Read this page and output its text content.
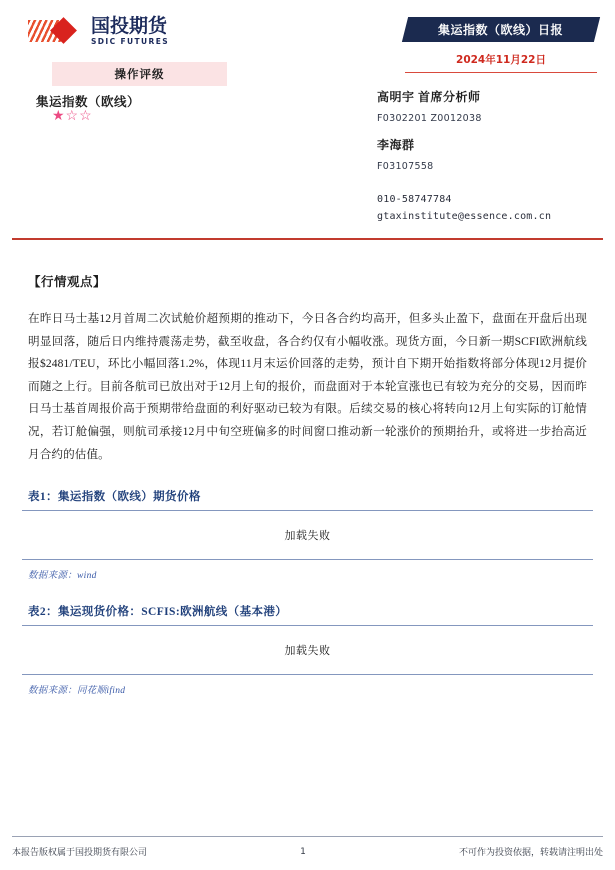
国投期货
SDIC FUTURES
操作评级
集运指数（欧线）
★☆☆
集运指数（欧线）日报
2024年11月22日
高明宇 首席分析师
F0302201 Z0012038
李海群
F03107558
010-58747784
gtaxinstitute@essence.com.cn
【行情观点】
在昨日马士基12月首周二次试舱价超预期的推动下，今日各合约均高开，但多头止盈下，盘面在开盘后出现明显回落，随后日内维持震荡走势，截至收盘，各合约仅有小幅收涨。现货方面，今日新一期SCFI欧洲航线报$2481/TEU，环比小幅回落1.2%，体现11月末运价回落的走势，预计自下期开始指数将部分体现12月提价而随之上行。目前各航司已放出对于12月上旬的报价，而盘面对于本轮宣涨也已有较为充分的交易，因而昨日马士基首周报价高于预期带给盘面的利好驱动已较为有限。后续交易的核心将转向12月上旬实际的订舱情况，若订舱偏强，则航司承接12月中旬空班偏多的时间窗口推动新一轮涨价的预期抬升，或将进一步抬高近月合约的估值。
表1：集运指数（欧线）期货价格
加载失败
数据来源：wind
表2：集运现货价格：SCFIS:欧洲航线（基本港）
加载失败
数据来源：同花顺ifind
本报告版权属于国投期货有限公司	1	不可作为投资依据，转载请注明出处
